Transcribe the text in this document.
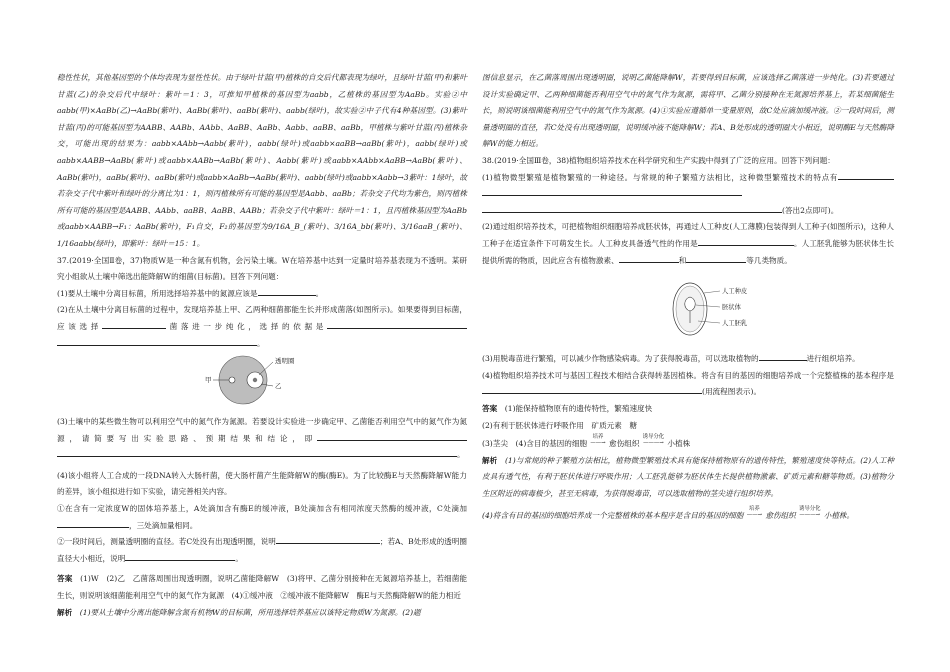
稳性性状，其他基因型的个体均表现为显性性状。由于绿叶甘蓝(甲)植株的自交后代都表现为绿叶，且绿叶甘蓝(甲)和紫叶甘蓝(乙)的杂交后代中绿叶：紫叶＝1：3，可推知甲植株的基因型为aabb，乙植株的基因型为AaBb。实验②中aabb(甲)×AaBb(乙)→AaBb(紫叶)、AaBb(紫叶)、aaBb(紫叶)、aabb(绿叶)，故实验②中子代有4种基因型。(3)紫叶甘蓝(丙)的可能基因型为AABB、AABb、AAbb、AaBB、AaBb、Aabb、aaBB、aaBb，甲植株与紫叶甘蓝(丙)植株杂交，可能出现的结果为：aabb×AAbb→Aabb(紫叶)，aabb(绿叶)或aabb×aaBB→aaBb(紫叶)，aabb(绿叶)或aabb×AABB→AaBb(紫叶)或aabb×AABb→AaBb(紫叶)、Aabb(紫叶)或aabb×AAbb×AaBB→AaBb(紫叶)、AaBb(紫叶)，aaBb(紫叶)、aaBb(紫叶)或aabb×AaBb→AaBb(紫叶)、aabb(绿叶)或aabb×Aabb→3紫叶：1绿叶，故若杂交子代中紫叶和绿叶的分离比为1：1，则丙植株所有可能的基因型是Aabb、aaBb；若杂交子代均为紫色，则丙植株所有可能的基因型是AABB、AAbb、aaBB、AaBB、AABb；若杂交子代中紫叶：绿叶＝1：1，且丙植株基因型为AaBb或aabb×AABB→F₁：AaBb(紫叶)，F₁自交，F₂的基因型为9/16A_B_(紫叶)、3/16A_bb(紫叶)、3/16aaB_(紫叶)、1/16aabb(绿叶)，即紫叶：绿叶＝15：1。

37.(2019·全国Ⅱ卷，37)物质W是一种含氮有机物，会污染土壤。W在培养基中达到一定量时培养基表现为不透明。某研究小组欲从土壤中筛选出能降解W的细菌(目标菌)。回答下列问题：

(1)要从土壤中分离目标菌，所用选择培养基中的氮源应该是	。

(2)在从土壤中分离目标菌的过程中，发现培养基上甲、乙两种细菌都能生长并形成菌落(如图所示)。如果要得到目标菌，应该选择	菌落进一步纯化，选择的依据是。

透明圈
甲
乙

(3)土壤中的某些微生物可以利用空气中的氮气作为氮源。若要设计实验进一步确定甲、乙菌能否利用空气中的氮气作为氮源，请简要写出实验思路、预期结果和结论，即。

(4)该小组将人工合成的一段DNA转入大肠杆菌，使大肠杆菌产生能降解W的酶(酶E)。为了比较酶E与天然酶降解W能力的差异，该小组拟进行如下实验，请完善相关内容。

①在含有一定浓度W的固体培养基上，A处滴加含有酶E的缓冲液，B处滴加含有相同浓度天然酶的缓冲液，C处滴加，三处滴加量相同。

②一段时间后，测量透明圈的直径。若C处没有出现透明圈，说明	；若A、B处形成的透明圈直径大小相近，说明	。

答案　 (1)W　(2)乙　乙菌落周围出现透明圈，说明乙菌能降解W　(3)将甲、乙菌分别接种在无氮源培养基上，若细菌能生长，则说明该细菌能利用空气中的氮气作为氮源　(4)①缓冲液　②缓冲液不能降解W　酶E与天然酶降解W的能力相近

解析　 (1)要从土壤中分离出能降解含氮有机物W的目标菌，所用选择培养基应以该特定物质W为氮源。(2)题

图信息显示，在乙菌落周围出现透明圈，说明乙菌能降解W，若要得到目标菌，应该选择乙菌落进一步纯化。(3)若要通过设计实验确定甲、乙两种细菌能否利用空气中的氮气作为氮源，需将甲、乙菌分别接种在无氮源培养基上，若某细菌能生长，则说明该细菌能利用空气中的氮气作为氮源。(4)①实验应遵循单一变量原则，故C处应滴加缓冲液。②一段时间后，测量透明圈的直径，若C处没有出现透明圈，说明缓冲液不能降解W；若A、B处形成的透明圈大小相近，说明酶E与天然酶降解W的能力相近。

38.(2019·全国Ⅲ卷，38)植物组织培养技术在科学研究和生产实践中得到了广泛的应用。回答下列问题：

(1)植物微型繁殖是植物繁殖的一种途径。与常规的种子繁殖方法相比，这种微型繁殖技术的特点有(答出2点即可)。

(2)通过组织培养技术，可把植物组织细胞培养成胚状体，再通过人工种皮(人工薄膜)包装得到人工种子(如图所示)，这种人工种子在适宜条件下可萌发生长。人工种皮具备透气性的作用是	。人工胚乳能够为胚状体生长提供所需的物质，因此应含有植物激素、	和	等几类物质。

人工种皮
胚状体
人工胚乳

(3)用脱毒苗进行繁殖，可以减少作物感染病毒。为了获得脱毒苗，可以选取植物的	进行组织培养。

(4)植物组织培养技术可与基因工程技术相结合获得转基因植株。将含有目的基因的细胞培养成一个完整植株的基本程序是(用流程图表示)。

答案　 (1)能保持植物原有的遗传特性，繁殖速度快

(2)有利于胚状体进行呼吸作用　矿质元素　糖

(3)茎尖　(4)含目的基因的细胞培养
——→ 愈伤组织诱导分化
———→ 小植株

解析　 (1)与常规的种子繁殖方法相比，植物微型繁殖技术具有能保持植物原有的遗传特性，繁殖速度快等特点。(2)人工种皮具有透气性，有利于胚状体进行呼吸作用；人工胚乳能够为胚状体生长提供植物激素、矿质元素和糖等物质。(3)植物分生区附近的病毒极少，甚至无病毒，为获得脱毒苗，可以选取植物的茎尖进行组织培养。

(4)将含有目的基因的细胞培养成一个完整植株的基本程序是含目的基因的细胞培养
——→ 愈伤组织诱导分化
———→ 小植株。
